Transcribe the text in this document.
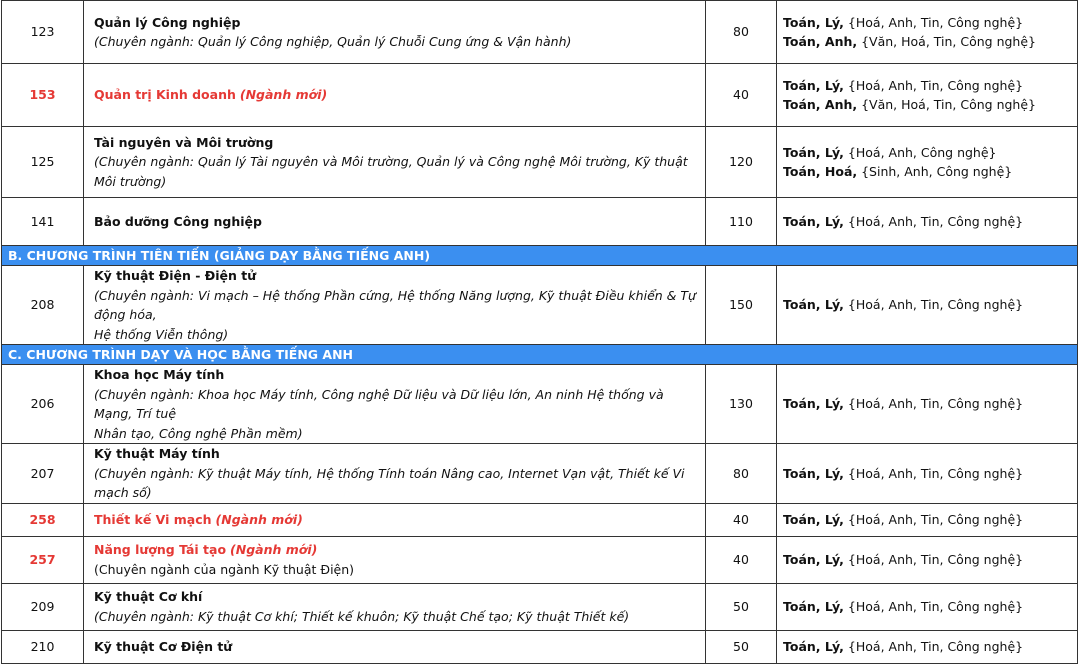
123	Quản lý Công nghiệp
(Chuyên ngành: Quản lý Công nghiệp, Quản lý Chuỗi Cung ứng & Vận hành)	80	Toán, Lý, {Hoá, Anh, Tin, Công nghệ}
Toán, Anh, {Văn, Hoá, Tin, Công nghệ}

153	Quản trị Kinh doanh (Ngành mới)	40	Toán, Lý, {Hoá, Anh, Tin, Công nghệ}
Toán, Anh, {Văn, Hoá, Tin, Công nghệ}

125	Tài nguyên và Môi trường
(Chuyên ngành: Quản lý Tài nguyên và Môi trường, Quản lý và Công nghệ Môi trường, Kỹ thuật Môi trường)	120	Toán, Lý, {Hoá, Anh, Công nghệ}
Toán, Hoá, {Sinh, Anh, Công nghệ}

141	Bảo dưỡng Công nghiệp	110	Toán, Lý, {Hoá, Anh, Tin, Công nghệ}

B. CHƯƠNG TRÌNH TIÊN TIẾN (GIẢNG DẠY BẰNG TIẾNG ANH)			
208	Kỹ thuật Điện - Điện tử
(Chuyên ngành: Vi mạch – Hệ thống Phần cứng, Hệ thống Năng lượng, Kỹ thuật Điều khiển & Tự động hóa,
Hệ thống Viễn thông)	150	Toán, Lý, {Hoá, Anh, Tin, Công nghệ}

C. CHƯƠNG TRÌNH DẠY VÀ HỌC BẰNG TIẾNG ANH			
206	Khoa học Máy tính
(Chuyên ngành: Khoa học Máy tính, Công nghệ Dữ liệu và Dữ liệu lớn, An ninh Hệ thống và Mạng, Trí tuệ
Nhân tạo, Công nghệ Phần mềm)	130	Toán, Lý, {Hoá, Anh, Tin, Công nghệ}

207	Kỹ thuật Máy tính
(Chuyên ngành: Kỹ thuật Máy tính, Hệ thống Tính toán Nâng cao, Internet Vạn vật, Thiết kế Vi mạch số)	80	Toán, Lý, {Hoá, Anh, Tin, Công nghệ}

258	Thiết kế Vi mạch (Ngành mới)	40	Toán, Lý, {Hoá, Anh, Tin, Công nghệ}

257	Năng lượng Tái tạo (Ngành mới)
(Chuyên ngành của ngành Kỹ thuật Điện)	40	Toán, Lý, {Hoá, Anh, Tin, Công nghệ}

209	Kỹ thuật Cơ khí
(Chuyên ngành: Kỹ thuật Cơ khí; Thiết kế khuôn; Kỹ thuật Chế tạo; Kỹ thuật Thiết kế)	50	Toán, Lý, {Hoá, Anh, Tin, Công nghệ}

210	Kỹ thuật Cơ Điện tử	50	Toán, Lý, {Hoá, Anh, Tin, Công nghệ}
